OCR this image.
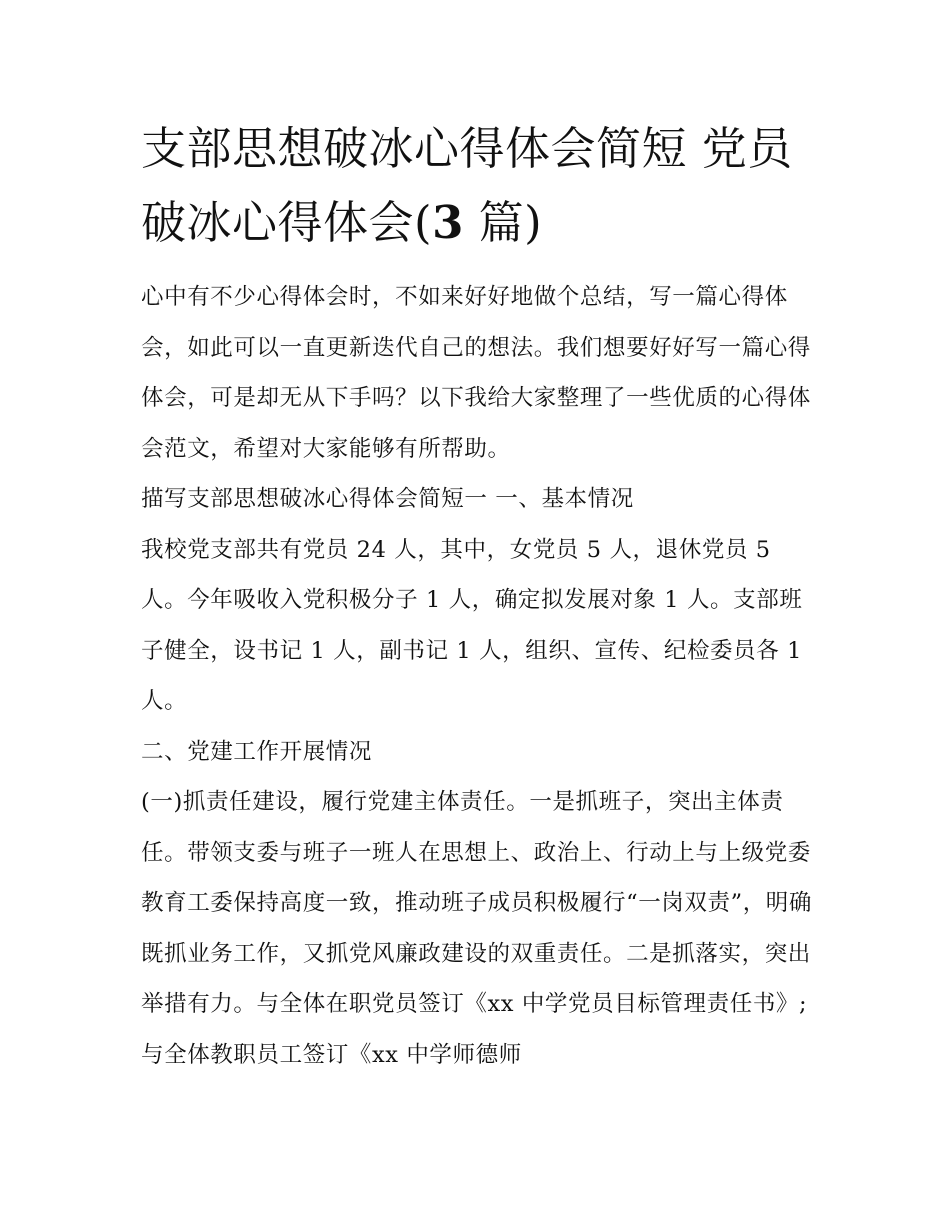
支部思想破冰心得体会简短 党员破冰心得体会(3 篇)

心中有不少心得体会时，不如来好好地做个总结，写一篇心得体会，如此可以一直更新迭代自己的想法。我们想要好好写一篇心得体会，可是却无从下手吗？以下我给大家整理了一些优质的心得体会范文，希望对大家能够有所帮助。

描写支部思想破冰心得体会简短一 一、基本情况

我校党支部共有党员 24 人，其中，女党员 5 人，退休党员 5 人。今年吸收入党积极分子 1 人，确定拟发展对象 1 人。支部班子健全，设书记 1 人，副书记 1 人，组织、宣传、纪检委员各 1 人。

二、党建工作开展情况

(一)抓责任建设，履行党建主体责任。一是抓班子，突出主体责任。带领支委与班子一班人在思想上、政治上、行动上与上级党委教育工委保持高度一致，推动班子成员积极履行“一岗双责”，明确既抓业务工作，又抓党风廉政建设的双重责任。二是抓落实，突出举措有力。与全体在职党员签订《xx 中学党员目标管理责任书》;与全体教职员工签订《xx 中学师德师
